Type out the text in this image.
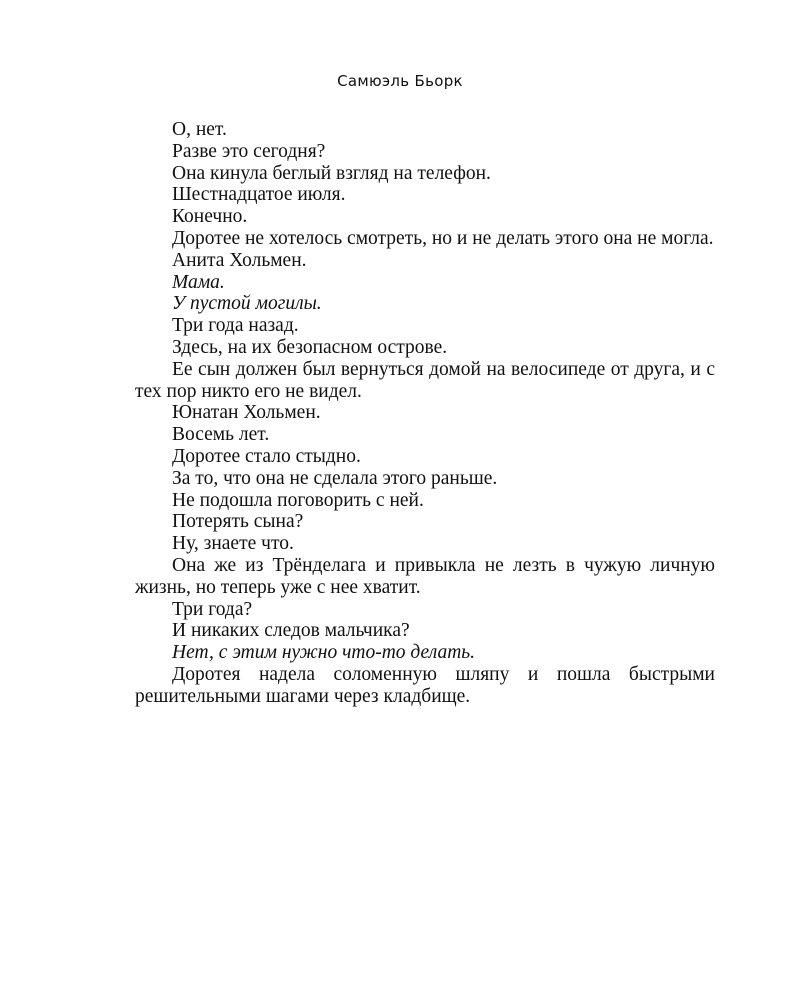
Самюэль Бьорк

О, нет.

Разве это сегодня?

Она кинула беглый взгляд на телефон.

Шестнадцатое июля.

Конечно.

Доротее не хотелось смотреть, но и не делать этого она не могла.

Анита Хольмен.

Мама.

У пустой могилы.

Три года назад.

Здесь, на их безопасном острове.

Ее сын должен был вернуться домой на велосипеде от друга, и с тех пор никто его не видел.

Юнатан Хольмен.

Восемь лет.

Доротее стало стыдно.

За то, что она не сделала этого раньше.

Не подошла поговорить с ней.

Потерять сына?

Ну, знаете что.

Она же из Трёнделага и привыкла не лезть в чужую личную жизнь, но теперь уже с нее хватит.

Три года?

И никаких следов мальчика?

Нет, с этим нужно что-то делать.

Доротея надела соломенную шляпу и пошла быстрыми решительными шагами через кладбище.
